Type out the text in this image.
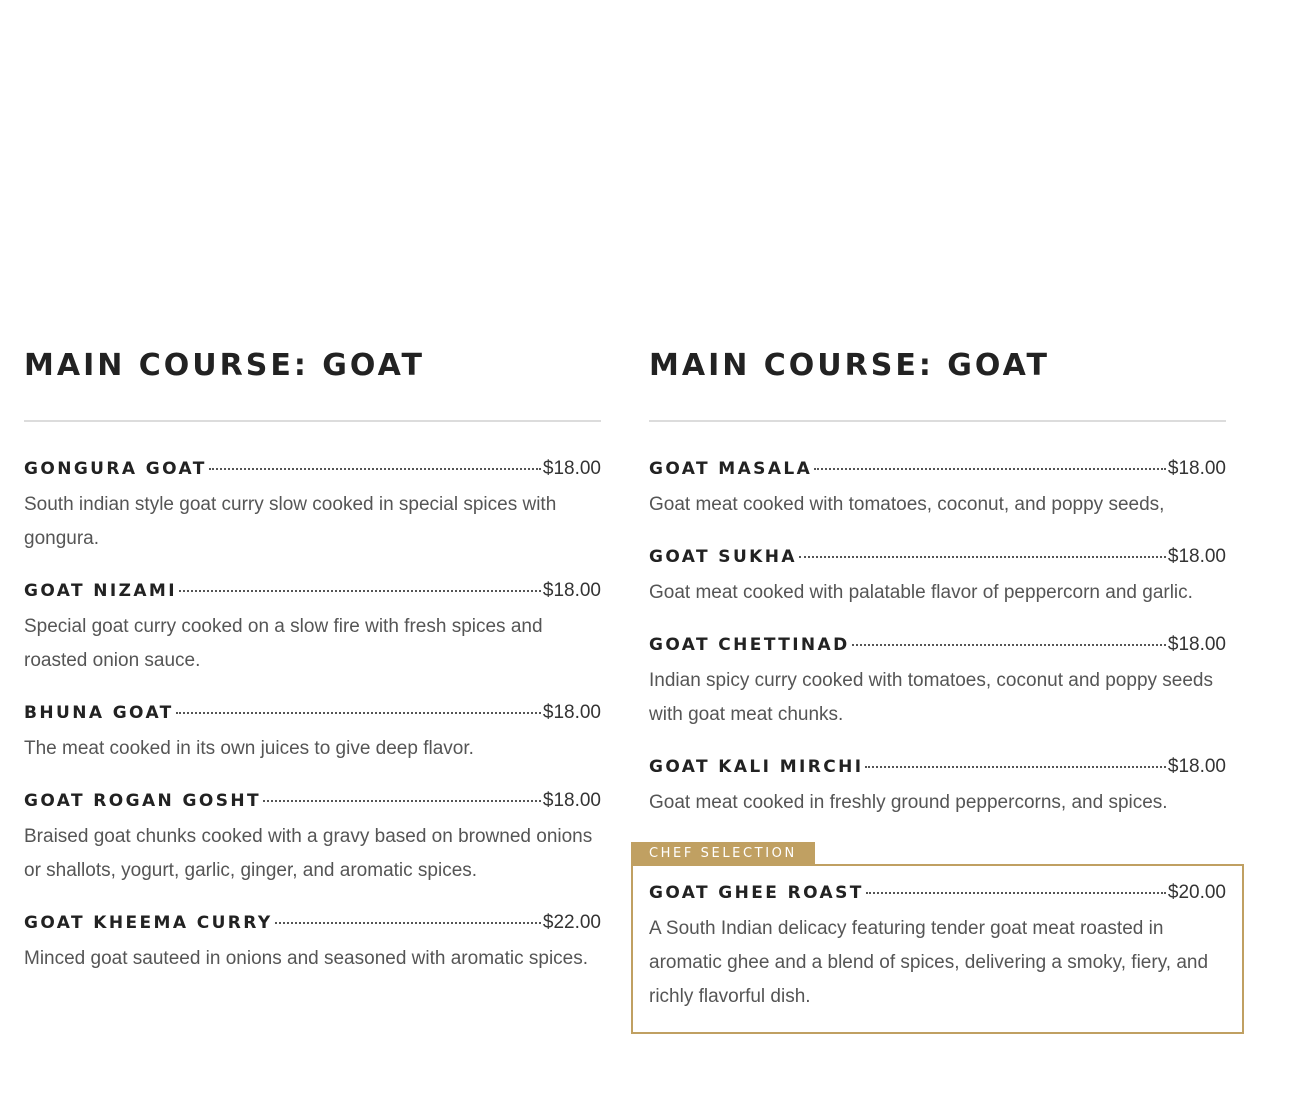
MAIN COURSE: GOAT
GONGURA GOAT	$18.00
South indian style goat curry slow cooked in special spices with gongura.
GOAT NIZAMI	$18.00
Special goat curry cooked on a slow fire with fresh spices and roasted onion sauce.
BHUNA GOAT	$18.00
The meat cooked in its own juices to give deep flavor.
GOAT ROGAN GOSHT	$18.00
Braised goat chunks cooked with a gravy based on browned onions or shallots, yogurt, garlic, ginger, and aromatic spices.
GOAT KHEEMA CURRY	$22.00
Minced goat sauteed in onions and seasoned with aromatic spices.
MAIN COURSE: GOAT
GOAT MASALA	$18.00
Goat meat cooked with tomatoes, coconut, and poppy seeds,
GOAT SUKHA	$18.00
Goat meat cooked with palatable flavor of peppercorn and garlic.
GOAT CHETTINAD	$18.00
Indian spicy curry cooked with tomatoes, coconut and poppy seeds with goat meat chunks.
GOAT KALI MIRCHI	$18.00
Goat meat cooked in freshly ground peppercorns, and spices.
CHEF SELECTION
GOAT GHEE ROAST	$20.00
A South Indian delicacy featuring tender goat meat roasted in aromatic ghee and a blend of spices, delivering a smoky, fiery, and richly flavorful dish.
